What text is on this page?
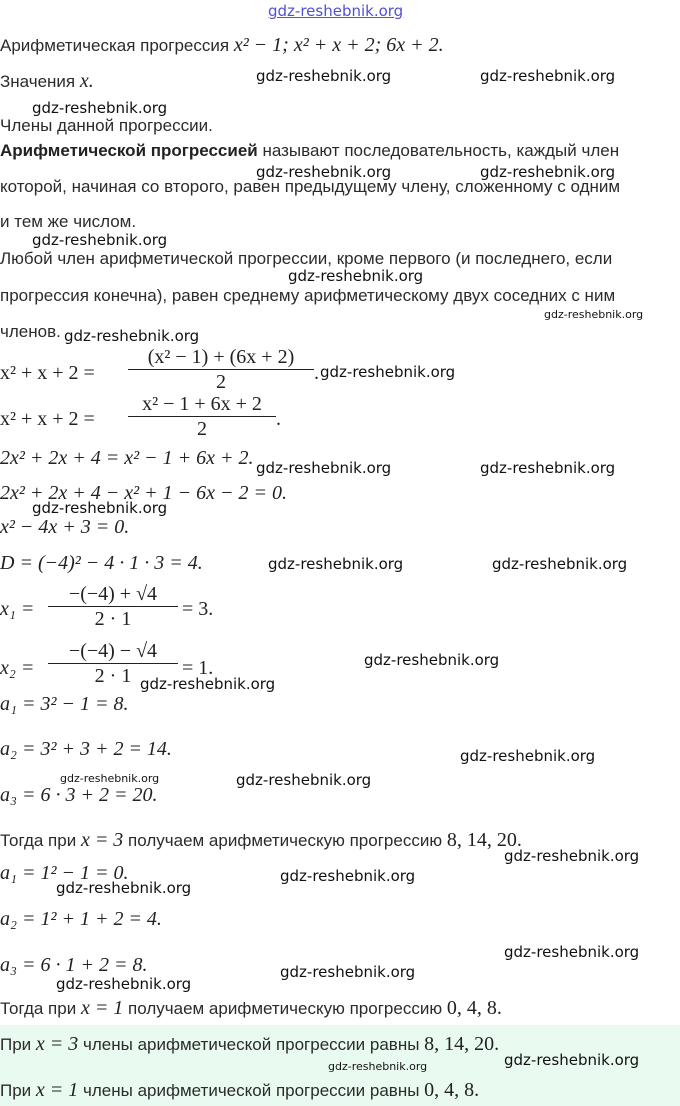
gdz-reshebnik.org
Арифметическая прогрессия x² − 1; x² + x + 2; 6x + 2.
Значения x.
Члены данной прогрессии.
Арифметической прогрессией называют последовательность, каждый член
которой, начиная со второго, равен предыдущему члену, сложенному с одним
и тем же числом.
Любой член арифметической прогрессии, кроме первого (и последнего, если
прогрессия конечна), равен среднему арифметическому двух соседних с ним
членов.
$x^2 + x + 2 = \frac{\text{(x² − 1) + (6x + 2)}}{2}$ .
$x^2 + x + 2 = \frac{\text{x² − 1 + 6x + 2}}{2}$ .
2x² + 2x + 4 = x² − 1 + 6x + 2.
2x² + 2x + 4 − x² + 1 − 6x − 2 = 0.
x² − 4x + 3 = 0.
D = (−4)² − 4 · 1 · 3 = 4.
$x_1 = \frac{-(-4) + √4}{2 \cdot 1} = 3$.
$x_2 = \frac{-(-4) - √4}{2 \cdot 1} = 1$.
a₁ = 3² − 1 = 8.
a₂ = 3² + 3 + 2 = 14.
a₃ = 6 · 3 + 2 = 20.
Тогда при x = 3 получаем арифметическую прогрессию 8, 14, 20.
a₁ = 1² − 1 = 0.
a₂ = 1² + 1 + 2 = 4.
a₃ = 6 · 1 + 2 = 8.
Тогда при x = 1 получаем арифметическую прогрессию 0, 4, 8.
При x = 3 члены арифметической прогрессии равны 8, 14, 20.
При x = 1 члены арифметической прогрессии равны 0, 4, 8.
gdz-reshebnik.org	gdz-reshebnik.org
gdz-reshebnik.org
gdz-reshebnik.org	gdz-reshebnik.org
gdz-reshebnik.org
gdz-reshebnik.org
gdz-reshebnik.org
gdz-reshebnik.org
gdz-reshebnik.org
gdz-reshebnik.org	gdz-reshebnik.org
gdz-reshebnik.org
gdz-reshebnik.org	gdz-reshebnik.org
gdz-reshebnik.org
gdz-reshebnik.org
gdz-reshebnik.org
gdz-reshebnik.org	gdz-reshebnik.org
gdz-reshebnik.org
gdz-reshebnik.org
gdz-reshebnik.org
gdz-reshebnik.org
gdz-reshebnik.org
gdz-reshebnik.org
gdz-reshebnik.org
gdz-reshebnik.org
